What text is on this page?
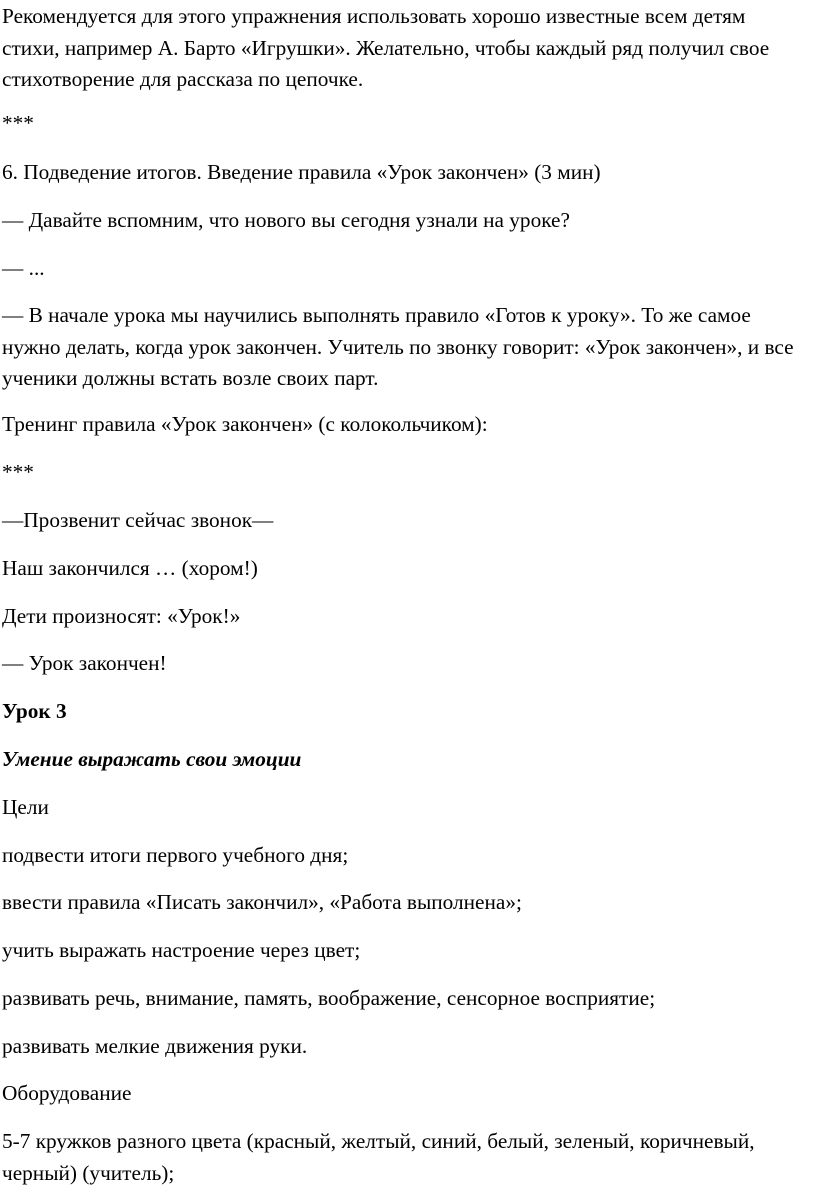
Рекомендуется для этого упражнения использовать хорошо известные всем детям стихи, например А. Барто «Игрушки». Желательно, чтобы каждый ряд получил свое стихотворение для рассказа по цепочке.

***

6. Подведение итогов. Введение правила «Урок закончен» (3 мин)

— Давайте вспомним, что нового вы сегодня узнали на уроке?

— ...

— В начале урока мы научились выполнять правило «Готов к уроку». То же самое нужно делать, когда урок закончен. Учитель по звонку говорит: «Урок закончен», и все ученики должны встать возле своих парт.

Тренинг правила «Урок закончен» (с колокольчиком):

***

—Прозвенит сейчас звонок—

Наш закончился … (хором!)

Дети произносят: «Урок!»

— Урок закончен!

Урок 3

Умение выражать свои эмоции

Цели

подвести итоги первого учебного дня;

ввести правила «Писать закончил», «Работа выполнена»;

учить выражать настроение через цвет;

развивать речь, внимание, память, воображение, сенсорное восприятие;

развивать мелкие движения руки.

Оборудование

5-7 кружков разного цвета (красный, желтый, синий, белый, зеленый, коричневый, черный) (учитель);
